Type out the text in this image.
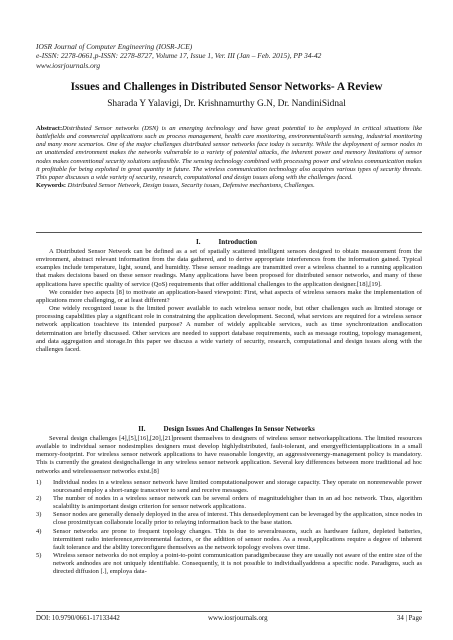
IOSR Journal of Computer Engineering (IOSR-JCE)
e-ISSN: 2278-0661,p-ISSN: 2278-8727, Volume 17, Issue 1, Ver. III (Jan – Feb. 2015), PP 34-42
www.iosrjournals.org
Issues and Challenges in Distributed Sensor Networks- A Review
Sharada Y Yalavigi, Dr. Krishnamurthy G.N, Dr. NandiniSidnal
Abstract:Distributed Sensor networks (DSN) is an emerging technology and have great potential to be employed in critical situations like battlefields and commercial applications such as process management, health care monitoring, environmental/earth sensing, industrial monitoring and many more scenarios. One of the major challenges distributed sensor networks face today is security. While the deployment of sensor nodes in an unattended environment makes the networks vulnerable to a variety of potential attacks, the inherent power and memory limitations of sensor nodes makes conventional security solutions unfeasible. The sensing technology combined with processing power and wireless communication makes it profitable for being exploited in great quantity in future. The wireless communication technology also acquires various types of security threats. This paper discusses a wide variety of security, research, computational and design issues along with the challenges faced.
Keywords: Distributed Sensor Network, Design issues, Security issues, Defensive mechanisms, Challenges.
I.	Introduction

A Distributed Sensor Network can be defined as a set of spatially scattered intelligent sensors designed to obtain measurement from the environment, abstract relevant information from the data gathered, and to derive appropriate interferences from the information gained. Typical examples include temperature, light, sound, and humidity. These sensor readings are transmitted over a wireless channel to a running application that makes decisions based on these sensor readings. Many applications have been proposed for distributed sensor networks, and many of these applications have specific quality of service (QoS) requirements that offer additional challenges to the application designer.[18],[19].

We consider two aspects [8] to motivate an application-based viewpoint: First, what aspects of wireless sensors make the implementation of applications more challenging, or at least different?

One widely recognized issue is the limited power available to each wireless sensor node, but other challenges such as limited storage or processing capabilities play a significant role in constraining the application development. Second, what services are required for a wireless sensor network application toachieve its intended purpose? A number of widely applicable services, such as time synchronization andlocation determination are briefly discussed. Other services are needed to support database requirements, such as message routing, topology management, and data aggregation and storage.In this paper we discuss a wide variety of security, research, computational and design issues along with the challenges faced.

II.	Design Issues And Challenges In Sensor Networks

Several design challenges [4],[5],[16],[20],[21]present themselves to designers of wireless sensor networkapplications. The limited resources available to individual sensor nodesimplies designers must develop highlydistributed, fault-tolerant, and energyefficientapplications in a small memory-footprint. For wireless sensor network applications to have reasonable longevity, an aggressiveenergy-management policy is mandatory. This is currently the greatest designchallenge in any wireless sensor network application. Several key differences between more traditional ad hoc networks and wirelesssensor networks exist.[8]

1) Individual nodes in a wireless sensor network have limited computationalpower and storage capacity. They operate on nonrenewable power sourcesand employ a short-range transceiver to send and receive messages.
2) The number of nodes in a wireless sensor network can be several orders of magnitudehigher than in an ad hoc network. Thus, algorithm scalability is animportant design criterion for sensor network applications.
3) Sensor nodes are generally densely deployed in the area of interest. This densedeployment can be leveraged by the application, since nodes in close proximitycan collaborate locally prior to relaying information back to the base station.
4) Sensor networks are prone to frequent topology changes. This is due to severalreasons, such as hardware failure, depleted batteries, intermittent radio interference,environmental factors, or the addition of sensor nodes. As a result,applications require a degree of inherent fault tolerance and the ability toreconfigure themselves as the network topology evolves over time.
5) Wireless sensor networks do not employ a point-to-point communication paradigmbecause they are usually not aware of the entire size of the network andnodes are not uniquely identifiable. Consequently, it is not possible to individuallyaddress a specific node. Paradigms, such as directed diffusion [.], employa data-
DOI: 10.9790/0661-17133442	www.iosrjournals.org	34 | Page
